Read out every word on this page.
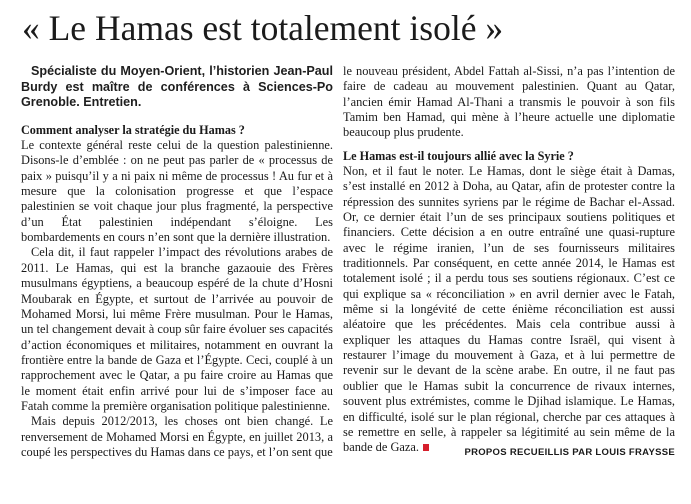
« Le Hamas est totalement isolé »

Spécialiste du Moyen-Orient, l’historien Jean-Paul Burdy est maître de conférences à Sciences-Po Grenoble. Entretien.

Comment analyser la stratégie du Hamas ?

Le contexte général reste celui de la question palestinienne. Disons-le d’emblée : on ne peut pas parler de « processus de paix » puisqu’il y a ni paix ni même de processus ! Au fur et à mesure que la colonisation progresse et que l’espace palestinien se voit chaque jour plus fragmenté, la perspective d’un État palestinien indépendant s’éloigne. Les bombardements en cours n’en sont que la dernière illustration.

Cela dit, il faut rappeler l’impact des révolutions arabes de 2011. Le Hamas, qui est la branche gazaouie des Frères musulmans égyptiens, a beaucoup espéré de la chute d’Hosni Moubarak en Égypte, et surtout de l’arrivée au pouvoir de Mohamed Morsi, lui même Frère musulman. Pour le Hamas, un tel changement devait à coup sûr faire évoluer ses capacités d’action économiques et militaires, notamment en ouvrant la frontière entre la bande de Gaza et l’Égypte. Ceci, couplé à un rapprochement avec le Qatar, a pu faire croire au Hamas que le moment était enfin arrivé pour lui de s’imposer face au Fatah comme la première organisation politique palestinienne.

Mais depuis 2012/2013, les choses ont bien changé. Le renversement de Mohamed Morsi en Égypte, en juillet 2013, a coupé les perspectives du Hamas dans ce pays, et l’on sent que

le nouveau président, Abdel Fattah al-Sissi, n’a pas l’intention de faire de cadeau au mouvement palestinien. Quant au Qatar, l’ancien émir Hamad Al-Thani a transmis le pouvoir à son fils Tamim ben Hamad, qui mène à l’heure actuelle une diplomatie beaucoup plus prudente.

Le Hamas est-il toujours allié avec la Syrie ?

Non, et il faut le noter. Le Hamas, dont le siège était à Damas, s’est installé en 2012 à Doha, au Qatar, afin de protester contre la répression des sunnites syriens par le régime de Bachar el-Assad. Or, ce dernier était l’un de ses principaux soutiens politiques et financiers. Cette décision a en outre entraîné une quasi-rupture avec le régime iranien, l’un de ses fournisseurs militaires traditionnels. Par conséquent, en cette année 2014, le Hamas est totalement isolé ; il a perdu tous ses soutiens régionaux. C’est ce qui explique sa « réconciliation » en avril dernier avec le Fatah, même si la longévité de cette énième réconciliation est aussi aléatoire que les précédentes. Mais cela contribue aussi à expliquer les attaques du Hamas contre Israël, qui visent à restaurer l’image du mouvement à Gaza, et à lui permettre de revenir sur le devant de la scène arabe. En outre, il ne faut pas oublier que le Hamas subit la concurrence de rivaux internes, souvent plus extrémistes, comme le Djihad islamique. Le Hamas, en difficulté, isolé sur le plan régional, cherche par ces attaques à se remettre en selle, à rappeler sa légitimité au sein même de la bande de Gaza.	PROPOS RECUEILLIS PAR LOUIS FRAYSSE
